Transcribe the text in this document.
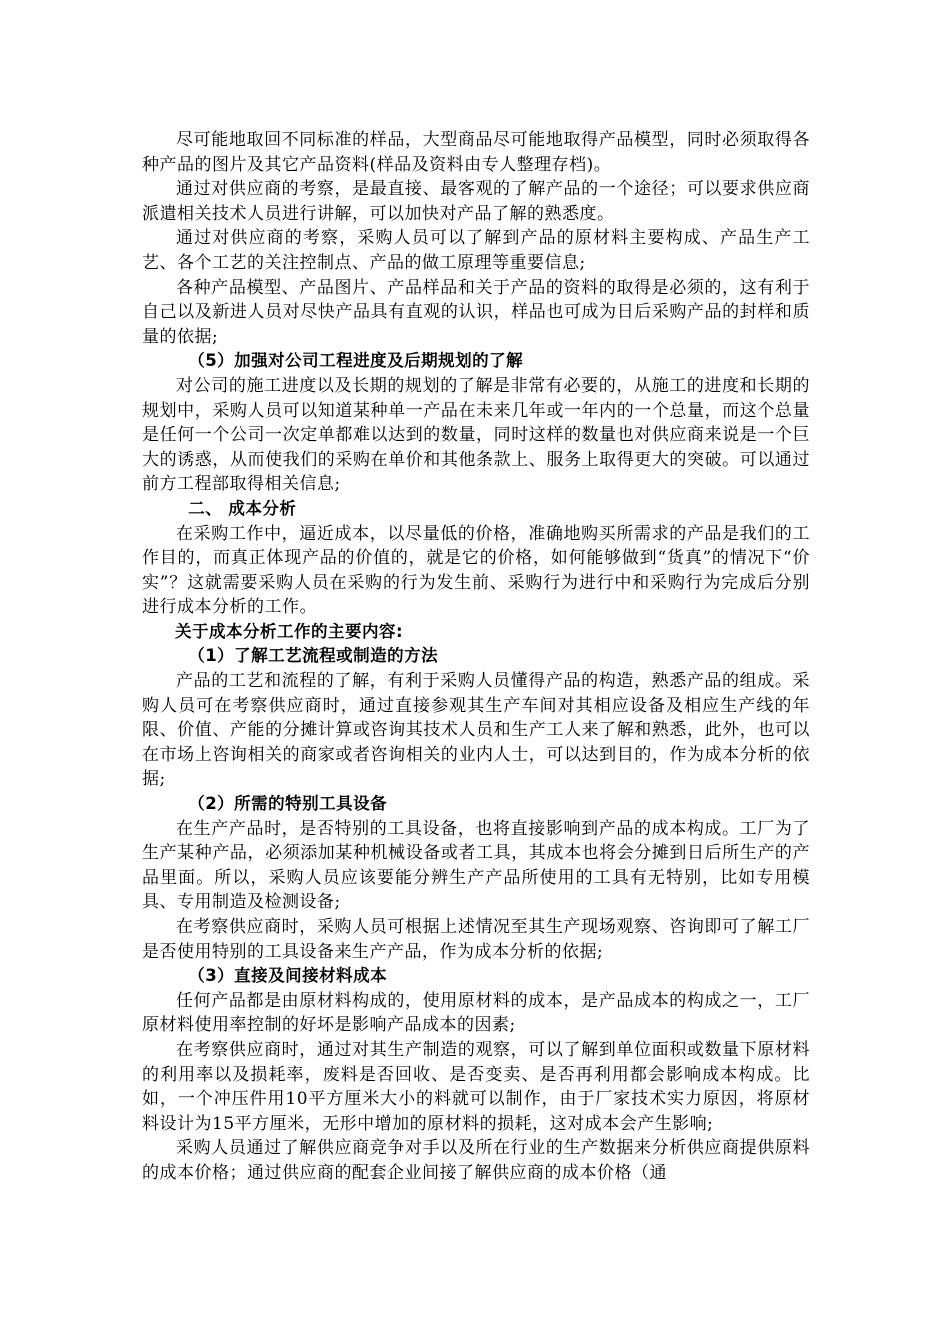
尽可能地取回不同标准的样品，大型商品尽可能地取得产品模型，同时必须取得各种产品的图片及其它产品资料(样品及资料由专人整理存档)。

通过对供应商的考察，是最直接、最客观的了解产品的一个途径；可以要求供应商派遣相关技术人员进行讲解，可以加快对产品了解的熟悉度。

通过对供应商的考察，采购人员可以了解到产品的原材料主要构成、产品生产工艺、各个工艺的关注控制点、产品的做工原理等重要信息;

各种产品模型、产品图片、产品样品和关于产品的资料的取得是必须的，这有利于自己以及新进人员对尽快产品具有直观的认识，样品也可成为日后采购产品的封样和质量的依据;

（5）加强对公司工程进度及后期规划的了解

对公司的施工进度以及长期的规划的了解是非常有必要的，从施工的进度和长期的规划中，采购人员可以知道某种单一产品在未来几年或一年内的一个总量，而这个总量是任何一个公司一次定单都难以达到的数量，同时这样的数量也对供应商来说是一个巨大的诱惑，从而使我们的采购在单价和其他条款上、服务上取得更大的突破。可以通过前方工程部取得相关信息;

二、 成本分析

在采购工作中，逼近成本，以尽量低的价格，准确地购买所需求的产品是我们的工作目的，而真正体现产品的价值的，就是它的价格，如何能够做到“货真”的情况下“价实”？这就需要采购人员在采购的行为发生前、采购行为进行中和采购行为完成后分别进行成本分析的工作。

关于成本分析工作的主要内容:

（1）了解工艺流程或制造的方法

产品的工艺和流程的了解，有利于采购人员懂得产品的构造，熟悉产品的组成。采购人员可在考察供应商时，通过直接参观其生产车间对其相应设备及相应生产线的年限、价值、产能的分摊计算或咨询其技术人员和生产工人来了解和熟悉，此外，也可以在市场上咨询相关的商家或者咨询相关的业内人士，可以达到目的，作为成本分析的依据;

（2）所需的特别工具设备

在生产产品时，是否特别的工具设备，也将直接影响到产品的成本构成。工厂为了生产某种产品，必须添加某种机械设备或者工具，其成本也将会分摊到日后所生产的产品里面。所以，采购人员应该要能分辨生产产品所使用的工具有无特别，比如专用模具、专用制造及检测设备;

在考察供应商时，采购人员可根据上述情况至其生产现场观察、咨询即可了解工厂是否使用特别的工具设备来生产产品，作为成本分析的依据;

（3）直接及间接材料成本

任何产品都是由原材料构成的，使用原材料的成本，是产品成本的构成之一，工厂原材料使用率控制的好坏是影响产品成本的因素;

在考察供应商时，通过对其生产制造的观察，可以了解到单位面积或数量下原材料的利用率以及损耗率，废料是否回收、是否变卖、是否再利用都会影响成本构成。比如，一个冲压件用10平方厘米大小的料就可以制作，由于厂家技术实力原因，将原材料设计为15平方厘米，无形中增加的原材料的损耗，这对成本会产生影响;

采购人员通过了解供应商竞争对手以及所在行业的生产数据来分析供应商提供原料的成本价格；通过供应商的配套企业间接了解供应商的成本价格（通
